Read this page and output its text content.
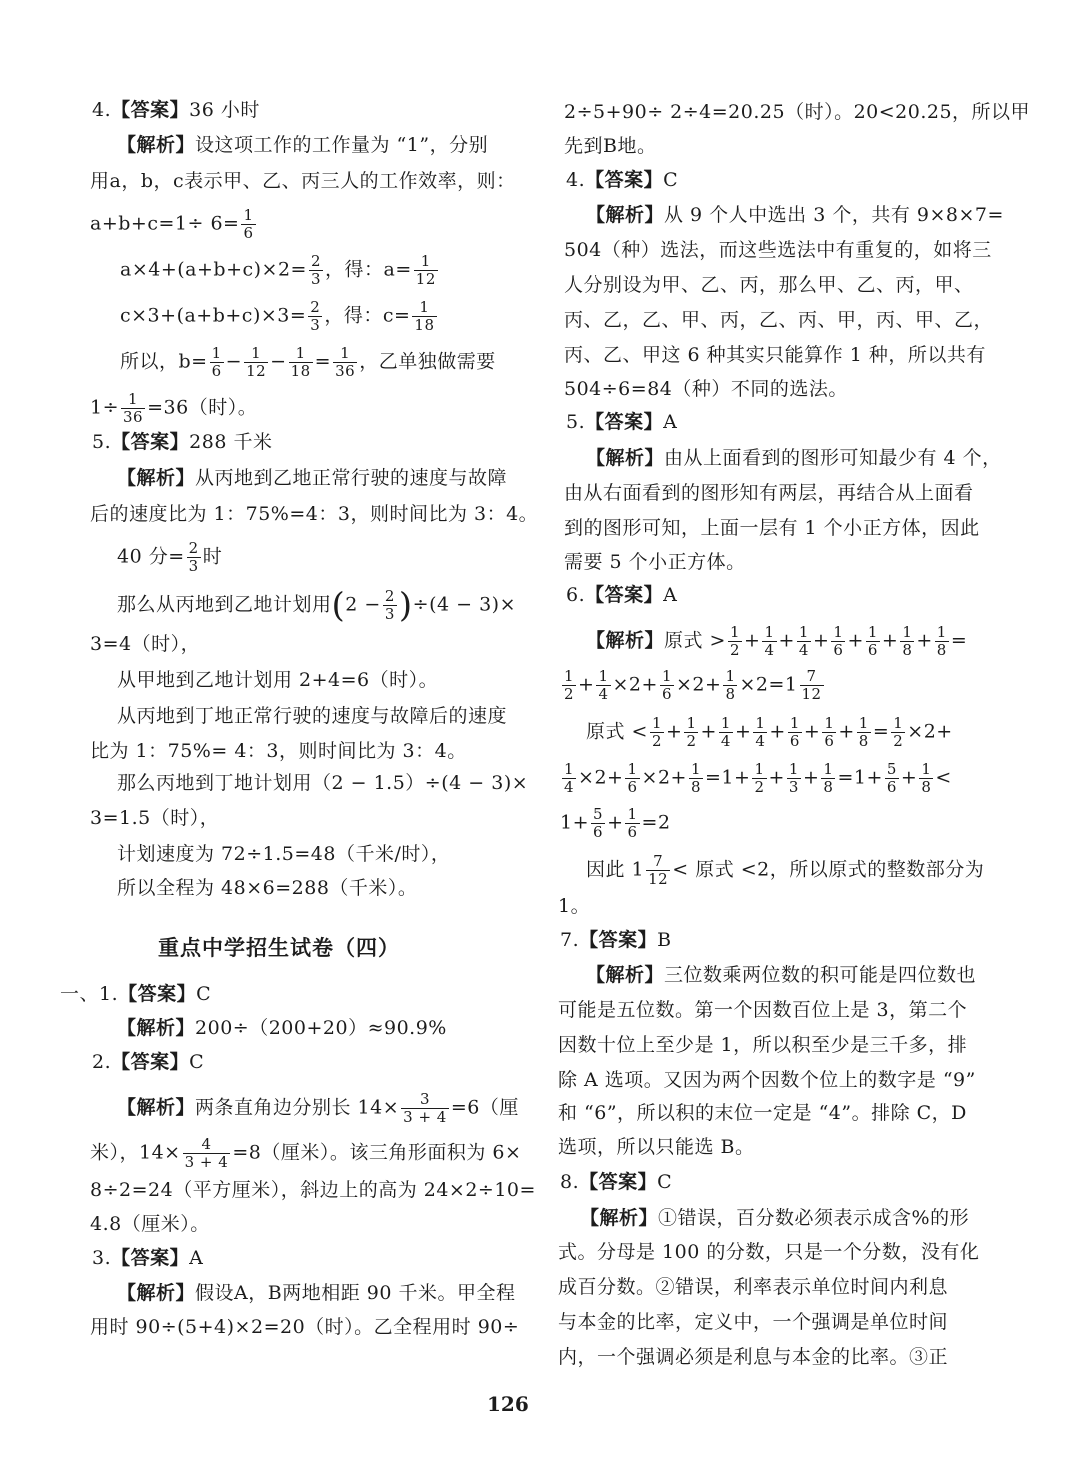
4.【答案】36 小时
【解析】设这项工作的工作量为 “1”，分别
用a，b，c表示甲、乙、丙三人的工作效率，则：
$a+b+c=1\div 6= \frac{1}{6}$
$a\times 4+(a+b+c)\times 2= \frac{2}{3}$ ，得：$a= \frac{1}{12}$
$c\times 3+(a+b+c)\times 3= \frac{2}{3}$ ，得：$c= \frac{1}{18}$
所以，$b= \frac{1}{6} - \frac{1}{12} - \frac{1}{18} = \frac{1}{36}$ ，乙单独做需要
$1\div \frac{1}{36} =36$（时）。
5.【答案】288 千米
【解析】从丙地到乙地正常行驶的速度与故障
后的速度比为 1：75%=4：3，则时间比为 3：4。
40 分= $\frac{2}{3}$ 时
那么从丙地到乙地计划用$(2 - \frac{2}{3} )\div(4 - 3)\times$
3=4（时），
从甲地到乙地计划用 2+4=6（时）。
从丙地到丁地正常行驶的速度与故障后的速度
比为 1：75%= 4：3，则时间比为 3：4。
那么丙地到丁地计划用（2 − 1.5）÷(4 − 3)×
3=1.5（时），
计划速度为 72÷1.5=48（千米/时），
所以全程为 48×6=288（千米）。
重点中学招生试卷（四）
一、1.【答案】C
【解析】200÷（200+20）≈90.9%
2.【答案】C
【解析】两条直角边分别长 $14\times \frac{3}{3 + 4} =6$（厘
米），$14\times \frac{4}{3 + 4} =8$（厘米）。该三角形面积为 6×
8÷2=24（平方厘米），斜边上的高为 24×2÷10=
4.8（厘米）。
3.【答案】A
【解析】假设A，B两地相距 90 千米。甲全程
用时 90÷(5+4)×2=20（时）。乙全程用时 90÷
2÷5+90÷ 2÷4=20.25（时）。20<20.25，所以甲
先到B地。
4.【答案】C
【解析】从 9 个人中选出 3 个，共有 9×8×7=
504（种）选法，而这些选法中有重复的，如将三
人分别设为甲、乙、丙，那么甲、乙、丙，甲、
丙、乙，乙、甲、丙，乙、丙、甲，丙、甲、乙，
丙、乙、甲这 6 种其实只能算作 1 种，所以共有
504÷6=84（种）不同的选法。
5.【答案】A
【解析】由从上面看到的图形可知最少有 4 个，
由从右面看到的图形知有两层，再结合从上面看
到的图形可知，上面一层有 1 个小正方体，因此
需要 5 个小正方体。
6.【答案】A
【解析】原式 > $\frac{1}{2} + \frac{1}{4} + \frac{1}{4} + \frac{1}{6} + \frac{1}{6} + \frac{1}{8} + \frac{1}{8}$ =
$\frac{1}{2} + \frac{1}{4} \times 2+ \frac{1}{6} \times 2+ \frac{1}{8} \times 2=1 \frac{7}{12}$
原式 < $\frac{1}{2} + \frac{1}{2} + \frac{1}{4} + \frac{1}{4} + \frac{1}{6} + \frac{1}{6} + \frac{1}{8} = \frac{1}{2} \times 2+$
$\frac{1}{4} \times 2+ \frac{1}{6} \times 2+ \frac{1}{8} =1+ \frac{1}{2} + \frac{1}{3} + \frac{1}{8} =1+ \frac{5}{6} + \frac{1}{8}$ <
$1+ \frac{5}{6} + \frac{1}{6} =2$
因此 $1 \frac{7}{12}$ < 原式 <2，所以原式的整数部分为
1。
7.【答案】B
【解析】三位数乘两位数的积可能是四位数也
可能是五位数。第一个因数百位上是 3，第二个
因数十位上至少是 1，所以积至少是三千多，排
除 A 选项。又因为两个因数个位上的数字是 “9”
和 “6”，所以积的末位一定是 “4”。排除 C，D
选项，所以只能选 B。
8.【答案】C
【解析】①错误，百分数必须表示成含%的形
式。分母是 100 的分数，只是一个分数，没有化
成百分数。②错误，利率表示单位时间内利息
与本金的比率，定义中，一个强调是单位时间
内，一个强调必须是利息与本金的比率。③正
126
